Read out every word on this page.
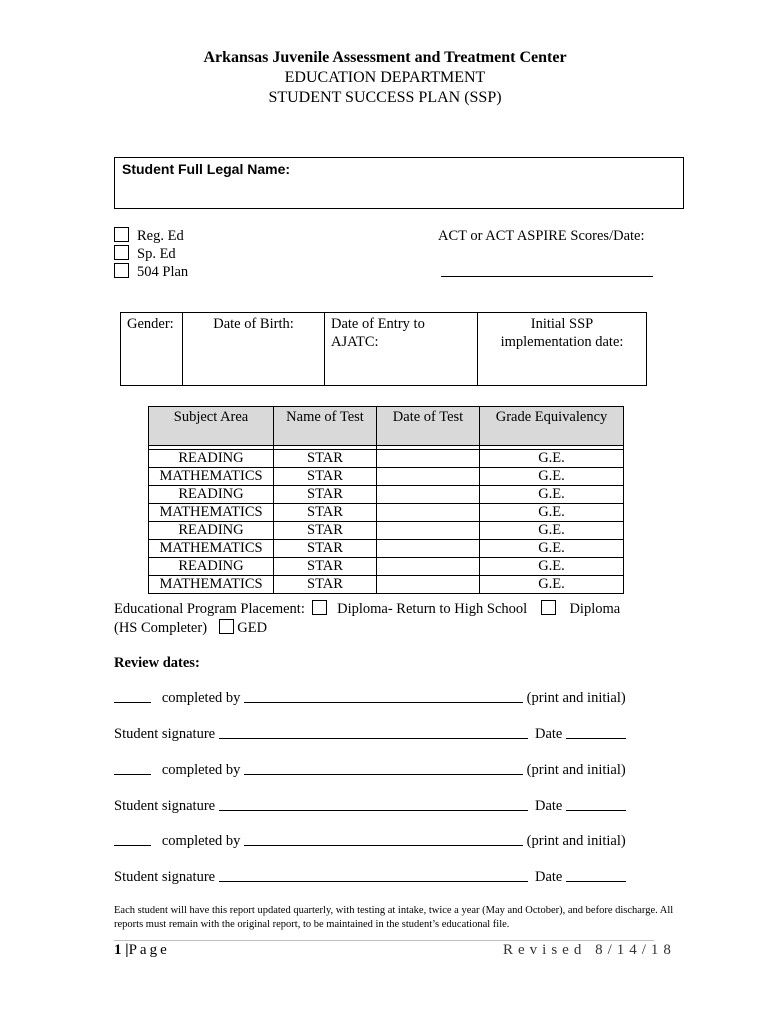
Arkansas Juvenile Assessment and Treatment Center
EDUCATION DEPARTMENT
STUDENT SUCCESS PLAN (SSP)
Student Full Legal Name:
Reg. Ed
Sp. Ed
504 Plan
ACT or ACT ASPIRE Scores/Date:
Gender:	Date of Birth:	Date of Entry to
AJATC:

Initial SSP
implementation date:
Subject Area	Name of Test	Date of Test	Grade Equivalency

READING	STAR		G.E.
MATHEMATICS	STAR		G.E.
READING	STAR		G.E.
MATHEMATICS	STAR		G.E.
READING	STAR		G.E.
MATHEMATICS	STAR		G.E.
READING	STAR		G.E.
MATHEMATICS	STAR		G.E.
Educational Program Placement: Diploma- Return to High School	Diploma
(HS Completer) GED
Review dates:
completed by	(print and initial)
Student signature	Date
completed by	(print and initial)
Student signature	Date
completed by	(print and initial)
Student signature	Date
Each student will have this report updated quarterly, with testing at intake, twice a year (May and October), and before discharge. All reports must remain with the original report, to be maintained in the student’s educational file.
1 |Page	Revised 8/14/18
